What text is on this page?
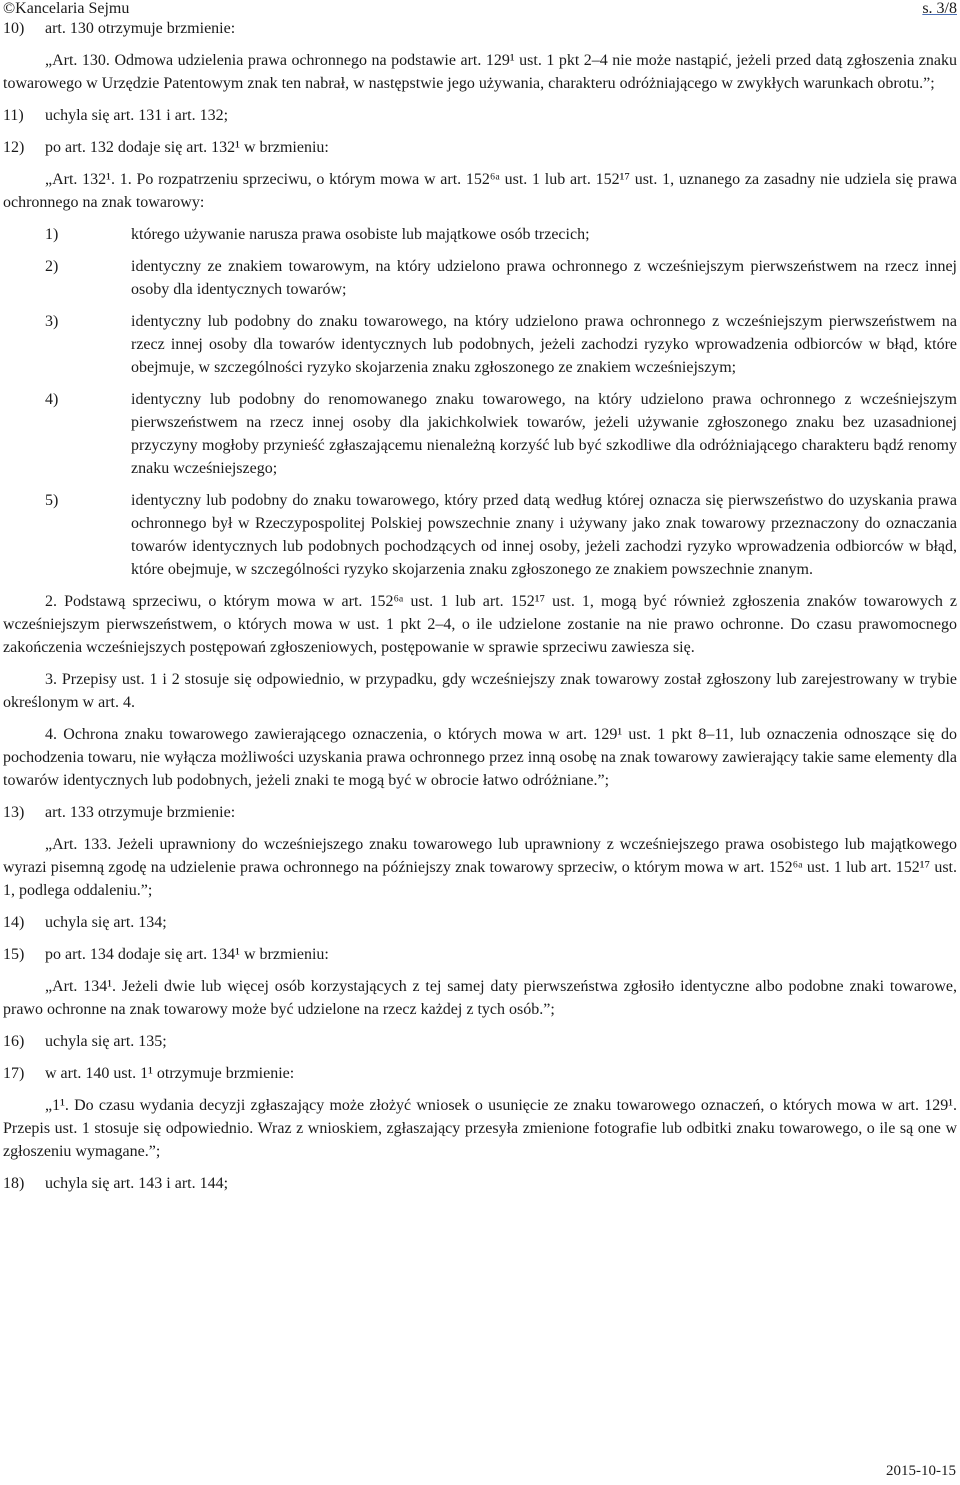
©Kancelaria Sejmu	s. 3/8
10)	art. 130 otrzymuje brzmienie:

„Art. 130. Odmowa udzielenia prawa ochronnego na podstawie art. 129¹ ust. 1 pkt 2–4 nie może nastąpić, jeżeli przed datą zgłoszenia znaku towarowego w Urzędzie Patentowym znak ten nabrał, w następstwie jego używania, charakteru odróżniającego w zwykłych warunkach obrotu.”;

11)	uchyla się art. 131 i art. 132;
12)	po art. 132 dodaje się art. 132¹ w brzmieniu:

„Art. 132¹. 1. Po rozpatrzeniu sprzeciwu, o którym mowa w art. 152⁶ᵃ ust. 1 lub art. 152¹⁷ ust. 1, uznanego za zasadny nie udziela się prawa ochronnego na znak towarowy:

1)	którego używanie narusza prawa osobiste lub majątkowe osób trzecich;
2)	identyczny ze znakiem towarowym, na który udzielono prawa ochronnego z wcześniejszym pierwszeństwem na rzecz innej osoby dla identycznych towarów;
3)	identyczny lub podobny do znaku towarowego, na który udzielono prawa ochronnego z wcześniejszym pierwszeństwem na rzecz innej osoby dla towarów identycznych lub podobnych, jeżeli zachodzi ryzyko wprowadzenia odbiorców w błąd, które obejmuje, w szczególności ryzyko skojarzenia znaku zgłoszonego ze znakiem wcześniejszym;
4)	identyczny lub podobny do renomowanego znaku towarowego, na który udzielono prawa ochronnego z wcześniejszym pierwszeństwem na rzecz innej osoby dla jakichkolwiek towarów, jeżeli używanie zgłoszonego znaku bez uzasadnionej przyczyny mogłoby przynieść zgłaszającemu nienależną korzyść lub być szkodliwe dla odróżniającego charakteru bądź renomy znaku wcześniejszego;
5)	identyczny lub podobny do znaku towarowego, który przed datą według której oznacza się pierwszeństwo do uzyskania prawa ochronnego był w Rzeczypospolitej Polskiej powszechnie znany i używany jako znak towarowy przeznaczony do oznaczania towarów identycznych lub podobnych pochodzących od innej osoby, jeżeli zachodzi ryzyko wprowadzenia odbiorców w błąd, które obejmuje, w szczególności ryzyko skojarzenia znaku zgłoszonego ze znakiem powszechnie znanym.

2. Podstawą sprzeciwu, o którym mowa w art. 152⁶ᵃ ust. 1 lub art. 152¹⁷ ust. 1, mogą być również zgłoszenia znaków towarowych z wcześniejszym pierwszeństwem, o których mowa w ust. 1 pkt 2–4, o ile udzielone zostanie na nie prawo ochronne. Do czasu prawomocnego zakończenia wcześniejszych postępowań zgłoszeniowych, postępowanie w sprawie sprzeciwu zawiesza się.

3. Przepisy ust. 1 i 2 stosuje się odpowiednio, w przypadku, gdy wcześniejszy znak towarowy został zgłoszony lub zarejestrowany w trybie określonym w art. 4.

4. Ochrona znaku towarowego zawierającego oznaczenia, o których mowa w art. 129¹ ust. 1 pkt 8–11, lub oznaczenia odnoszące się do pochodzenia towaru, nie wyłącza możliwości uzyskania prawa ochronnego przez inną osobę na znak towarowy zawierający takie same elementy dla towarów identycznych lub podobnych, jeżeli znaki te mogą być w obrocie łatwo odróżniane.”;

13)	art. 133 otrzymuje brzmienie:

„Art. 133. Jeżeli uprawniony do wcześniejszego znaku towarowego lub uprawniony z wcześniejszego prawa osobistego lub majątkowego wyrazi pisemną zgodę na udzielenie prawa ochronnego na późniejszy znak towarowy sprzeciw, o którym mowa w art. 152⁶ᵃ ust. 1 lub art. 152¹⁷ ust. 1, podlega oddaleniu.”;

14)	uchyla się art. 134;
15)	po art. 134 dodaje się art. 134¹ w brzmieniu:

„Art. 134¹. Jeżeli dwie lub więcej osób korzystających z tej samej daty pierwszeństwa zgłosiło identyczne albo podobne znaki towarowe, prawo ochronne na znak towarowy może być udzielone na rzecz każdej z tych osób.”;

16)	uchyla się art. 135;
17)	w art. 140 ust. 1¹ otrzymuje brzmienie:

„1¹. Do czasu wydania decyzji zgłaszający może złożyć wniosek o usunięcie ze znaku towarowego oznaczeń, o których mowa w art. 129¹. Przepis ust. 1 stosuje się odpowiednio. Wraz z wnioskiem, zgłaszający przesyła zmienione fotografie lub odbitki znaku towarowego, o ile są one w zgłoszeniu wymagane.”;

18)	uchyla się art. 143 i art. 144;
2015-10-15
